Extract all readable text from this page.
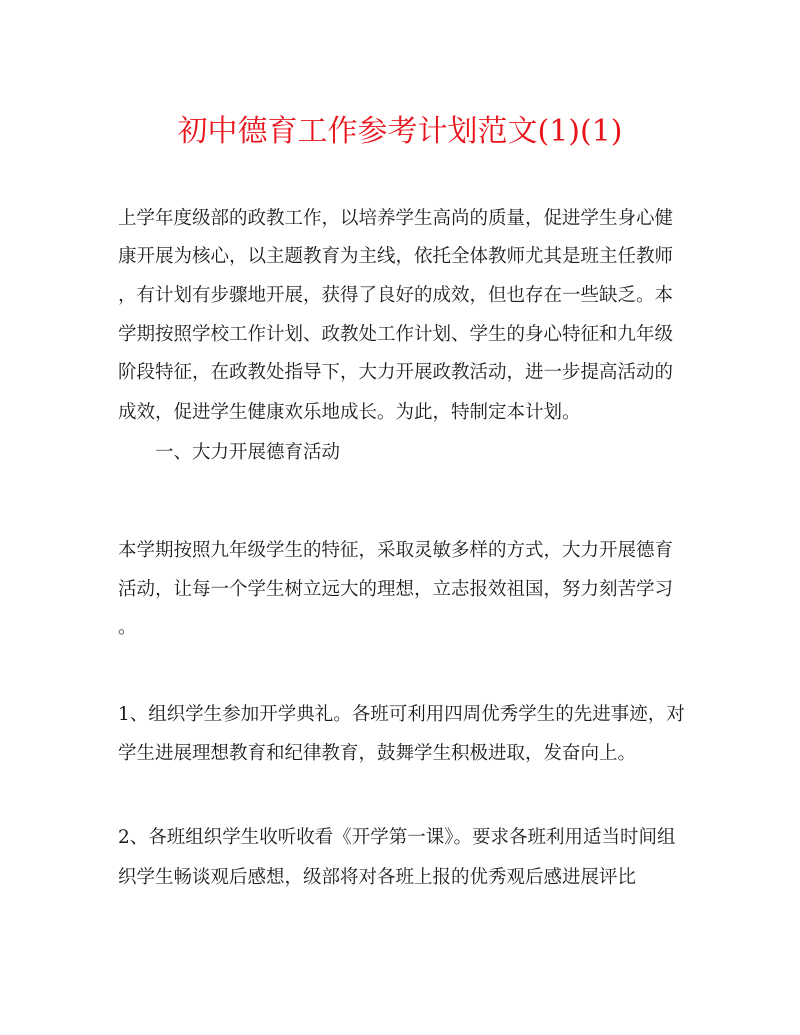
初中德育工作参考计划范文(1)(1)

上学年度级部的政教工作，以培养学生高尚的质量，促进学生身心健

康开展为核心，以主题教育为主线，依托全体教师尤其是班主任教师

，有计划有步骤地开展，获得了良好的成效，但也存在一些缺乏。本

学期按照学校工作计划、政教处工作计划、学生的身心特征和九年级

阶段特征，在政教处指导下，大力开展政教活动，进一步提高活动的

成效，促进学生健康欢乐地成长。为此，特制定本计划。

一、大力开展德育活动

本学期按照九年级学生的特征，采取灵敏多样的方式，大力开展德育

活动，让每一个学生树立远大的理想，立志报效祖国，努力刻苦学习

。

1、组织学生参加开学典礼。各班可利用四周优秀学生的先进事迹，对

学生进展理想教育和纪律教育，鼓舞学生积极进取，发奋向上。

2、各班组织学生收听收看《开学第一课》。要求各班利用适当时间组

织学生畅谈观后感想，级部将对各班上报的优秀观后感进展评比
